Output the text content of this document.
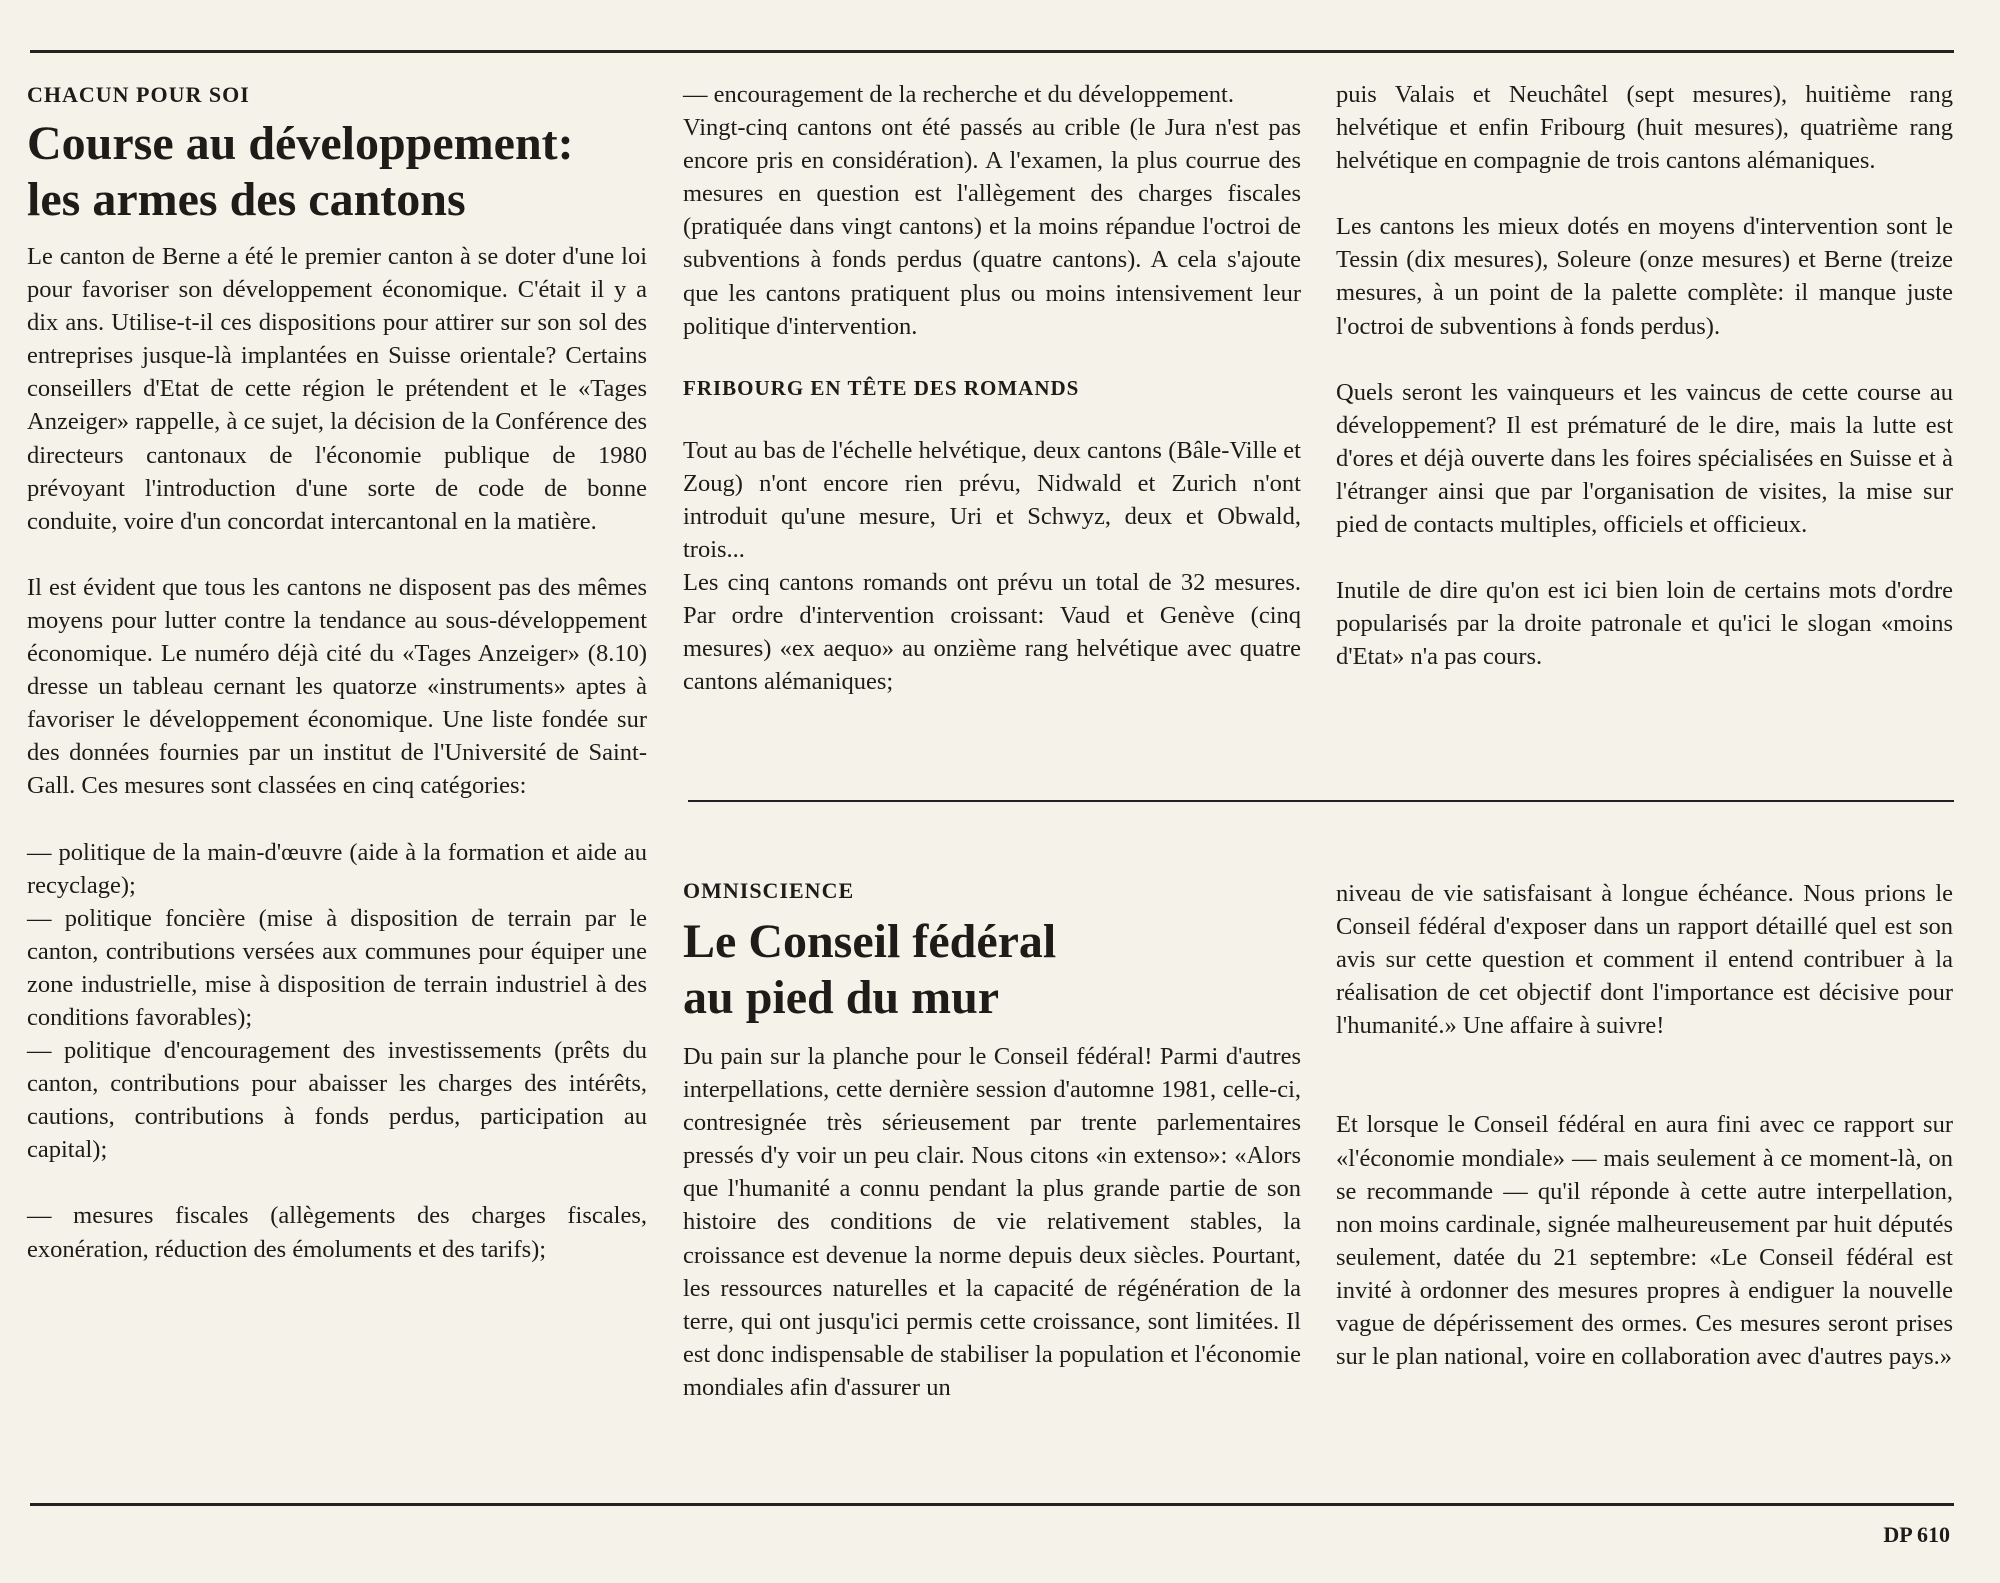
CHACUN POUR SOI
Course au développement:
les armes des cantons

Le canton de Berne a été le premier canton à se doter d'une loi pour favoriser son développement économique. C'était il y a dix ans. Utilise-t-il ces dispositions pour attirer sur son sol des entreprises jusque-là implantées en Suisse orientale? Certains conseillers d'Etat de cette région le prétendent et le «Tages Anzeiger» rappelle, à ce sujet, la décision de la Conférence des directeurs cantonaux de l'économie publique de 1980 prévoyant l'introduction d'une sorte de code de bonne conduite, voire d'un concordat intercantonal en la matière.

Il est évident que tous les cantons ne disposent pas des mêmes moyens pour lutter contre la tendance au sous-développement économique. Le numéro déjà cité du «Tages Anzeiger» (8.10) dresse un tableau cernant les quatorze «instruments» aptes à favoriser le développement économique. Une liste fondée sur des données fournies par un institut de l'Université de Saint-Gall. Ces mesures sont classées en cinq catégories:

— politique de la main-d'œuvre (aide à la formation et aide au recyclage);

— politique foncière (mise à disposition de terrain par le canton, contributions versées aux communes pour équiper une zone industrielle, mise à disposition de terrain industriel à des conditions favorables);

— politique d'encouragement des investissements (prêts du canton, contributions pour abaisser les charges des intérêts, cautions, contributions à fonds perdus, participation au capital);

— mesures fiscales (allègements des charges fiscales, exonération, réduction des émoluments et des tarifs);

— encouragement de la recherche et du développement.

Vingt-cinq cantons ont été passés au crible (le Jura n'est pas encore pris en considération). A l'examen, la plus courrue des mesures en question est l'allègement des charges fiscales (pratiquée dans vingt cantons) et la moins répandue l'octroi de subventions à fonds perdus (quatre cantons). A cela s'ajoute que les cantons pratiquent plus ou moins intensivement leur politique d'intervention.

FRIBOURG EN TÊTE DES ROMANDS

Tout au bas de l'échelle helvétique, deux cantons (Bâle-Ville et Zoug) n'ont encore rien prévu, Nidwald et Zurich n'ont introduit qu'une mesure, Uri et Schwyz, deux et Obwald, trois...

Les cinq cantons romands ont prévu un total de 32 mesures. Par ordre d'intervention croissant: Vaud et Genève (cinq mesures) «ex aequo» au onzième rang helvétique avec quatre cantons alémaniques;

puis Valais et Neuchâtel (sept mesures), huitième rang helvétique et enfin Fribourg (huit mesures), quatrième rang helvétique en compagnie de trois cantons alémaniques.

Les cantons les mieux dotés en moyens d'intervention sont le Tessin (dix mesures), Soleure (onze mesures) et Berne (treize mesures, à un point de la palette complète: il manque juste l'octroi de subventions à fonds perdus).

Quels seront les vainqueurs et les vaincus de cette course au développement? Il est prématuré de le dire, mais la lutte est d'ores et déjà ouverte dans les foires spécialisées en Suisse et à l'étranger ainsi que par l'organisation de visites, la mise sur pied de contacts multiples, officiels et officieux.

Inutile de dire qu'on est ici bien loin de certains mots d'ordre popularisés par la droite patronale et qu'ici le slogan «moins d'Etat» n'a pas cours.

OMNISCIENCE
Le Conseil fédéral
au pied du mur

Du pain sur la planche pour le Conseil fédéral! Parmi d'autres interpellations, cette dernière session d'automne 1981, celle-ci, contresignée très sérieusement par trente parlementaires pressés d'y voir un peu clair. Nous citons «in extenso»: «Alors que l'humanité a connu pendant la plus grande partie de son histoire des conditions de vie relativement stables, la croissance est devenue la norme depuis deux siècles. Pourtant, les ressources naturelles et la capacité de régénération de la terre, qui ont jusqu'ici permis cette croissance, sont limitées. Il est donc indispensable de stabiliser la population et l'économie mondiales afin d'assurer un

niveau de vie satisfaisant à longue échéance. Nous prions le Conseil fédéral d'exposer dans un rapport détaillé quel est son avis sur cette question et comment il entend contribuer à la réalisation de cet objectif dont l'importance est décisive pour l'humanité.» Une affaire à suivre!

Et lorsque le Conseil fédéral en aura fini avec ce rapport sur «l'économie mondiale» — mais seulement à ce moment-là, on se recommande — qu'il réponde à cette autre interpellation, non moins cardinale, signée malheureusement par huit députés seulement, datée du 21 septembre: «Le Conseil fédéral est invité à ordonner des mesures propres à endiguer la nouvelle vague de dépérissement des ormes. Ces mesures seront prises sur le plan national, voire en collaboration avec d'autres pays.»

DP 610
